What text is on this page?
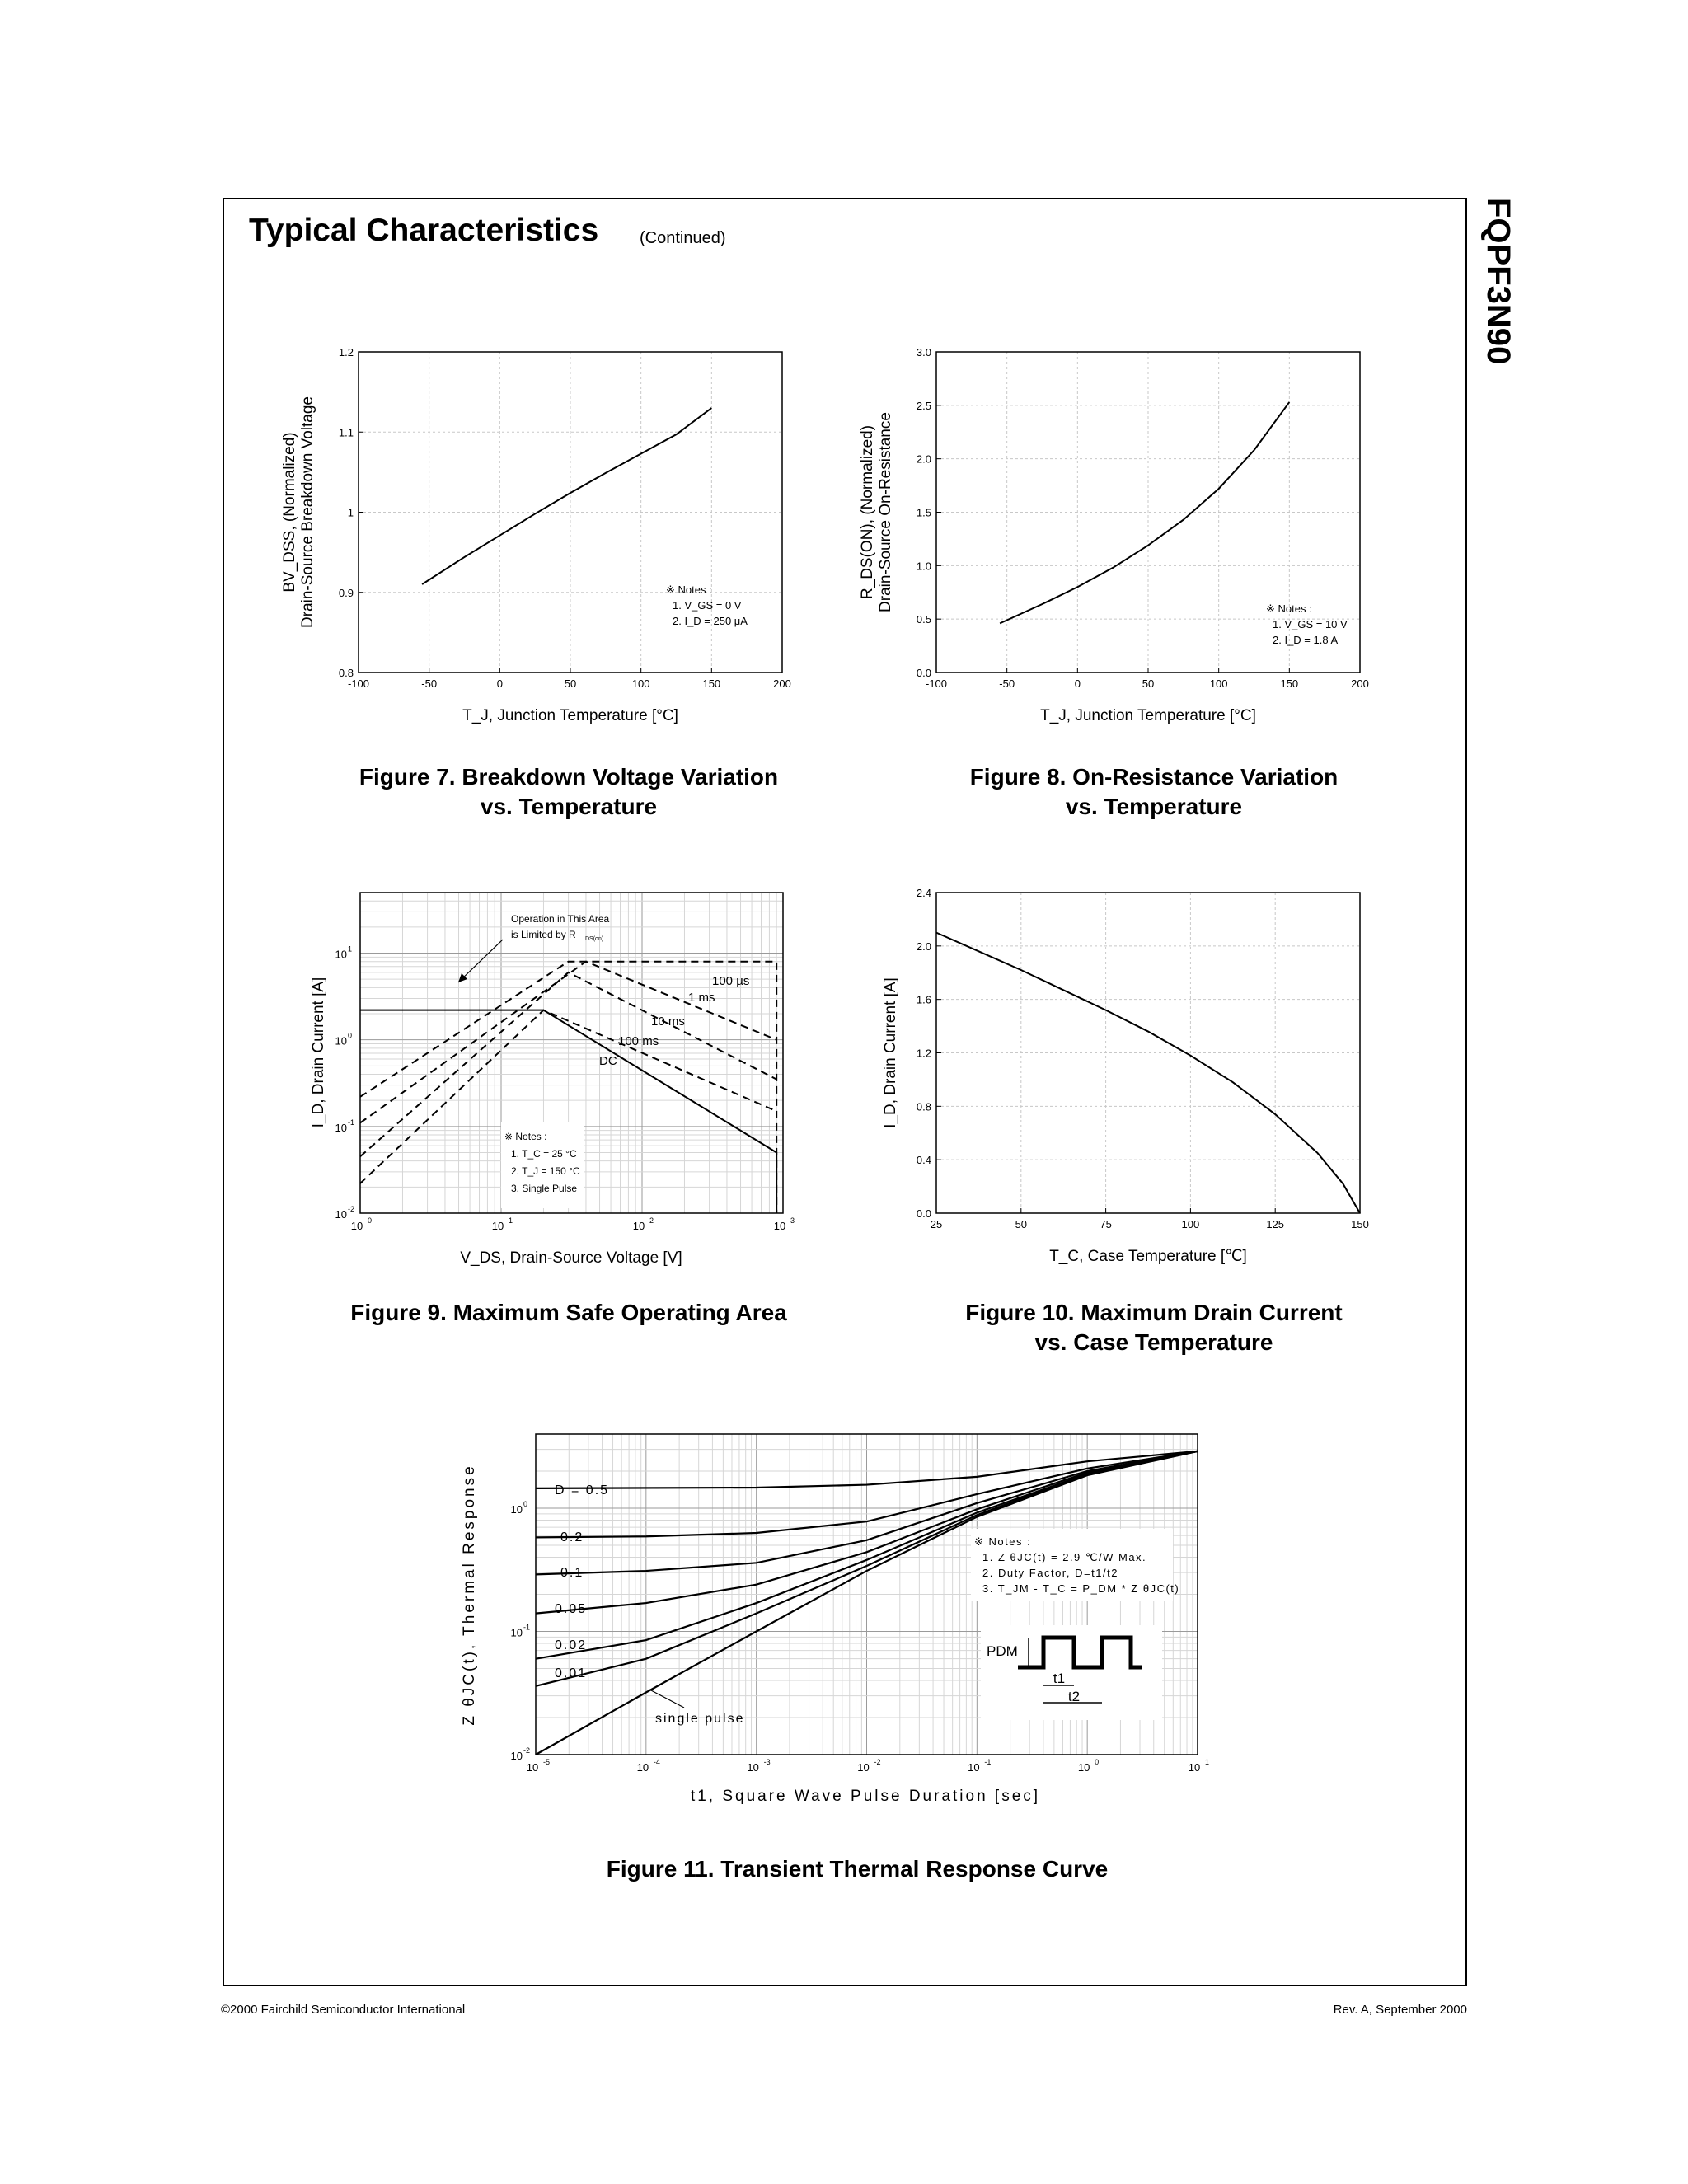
Typical Characteristics (Continued)	FQPF3N90
-100	-50	0	50	100	150	200
0.8
0.9
1
1.1
1.2
T_J, Junction Temperature [°C]
BV_DSS, (Normalized) Drain-Source Breakdown Voltage	※ Notes :
1. V_GS = 0 V
2. I_D = 250 μA
-100	-50	0	50	100	150	200
0.0
0.5
1.0
1.5
2.0
2.5
3.0
T_J, Junction Temperature [°C]
R_DS(ON), (Normalized) Drain-Source On-Resistance	※ Notes :
1. V_GS = 10 V
2. I_D = 1.8 A
10 0	10 1	10 2	10 3
10 -2
10 -1
10 0
10 1
100 µs
1 ms
10 ms
100 ms
DC
Operation in This Area
is Limited by R DS(on)
※ Notes :
1. T_C = 25 °C
2. T_J = 150 °C
3. Single Pulse
I_D, Drain Current [A]
V_DS, Drain-Source Voltage [V]
25	50	75	100	125	150
0.0
0.4
0.8
1.2
1.6
2.0
2.4
T_C, Case Temperature [℃]
I_D, Drain Current [A]
10 -5	10 -4	10 -3	10 -2	10 -1	10 0	10 1
10 -2
10 -1
10 0
D = 0.5
0.2
0.1
0.05
0.02
0.01
single pulse
※ Notes :
1. Z θJC(t) = 2.9 ℃/W Max.
2. Duty Factor, D=t1/t2
3. T_JM - T_C = P_DM * Z θJC(t)
PDM
t1
t2
Z θJC(t), Thermal Response
t1, Square Wave Pulse Duration [sec]
Figure 7. Breakdown Voltage Variation
vs. Temperature
Figure 8. On-Resistance Variation
vs. Temperature
Figure 9. Maximum Safe Operating Area	Figure 10. Maximum Drain Current
vs. Case Temperature
Figure 11. Transient Thermal Response Curve
©2000 Fairchild Semiconductor International	Rev. A, September 2000
